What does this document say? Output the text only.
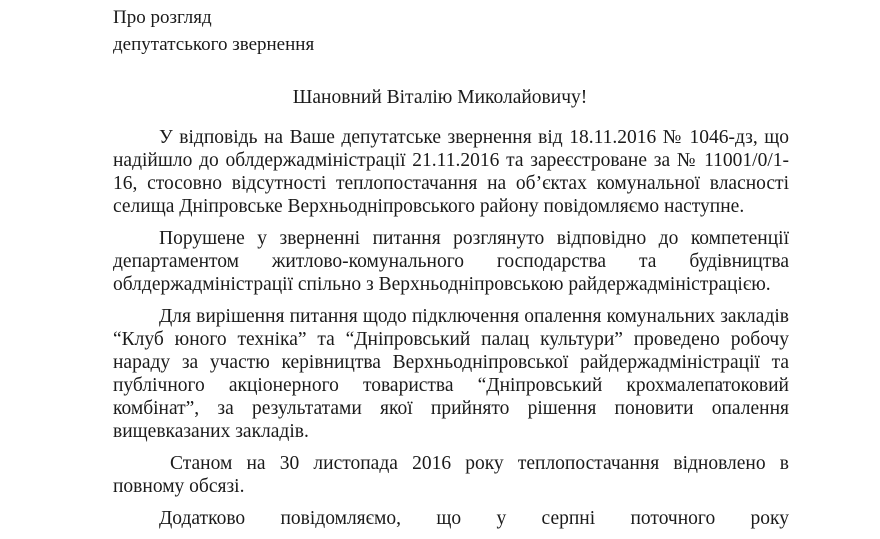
Про розгляд
депутатського звернення
Шановний Віталію Миколайовичу!

У відповідь на Ваше депутатське звернення від 18.11.2016 № 1046-дз, що надійшло до облдержадміністрації 21.11.2016 та зареєстроване за № 11001/0/1-16, стосовно відсутності теплопостачання на об’єктах комунальної власності селища Дніпровське Верхньодніпровського району повідомляємо наступне.

Порушене у зверненні питання розглянуто відповідно до компетенції департаментом житлово-комунального господарства та будівництва облдержадміністрації спільно з Верхньодніпровською райдержадміністрацією.

Для вирішення питання щодо підключення опалення комунальних закладів “Клуб юного техніка” та “Дніпровський палац культури” проведено робочу нараду за участю керівництва Верхньодніпровської райдержадміністрації та публічного акціонерного товариства “Дніпровський крохмалепатоковий комбінат”, за результатами якої прийнято рішення поновити опалення вищевказаних закладів.

Станом на 30 листопада 2016 року теплопостачання відновлено в повному обсязі.

Додатково повідомляємо, що у серпні поточного року
